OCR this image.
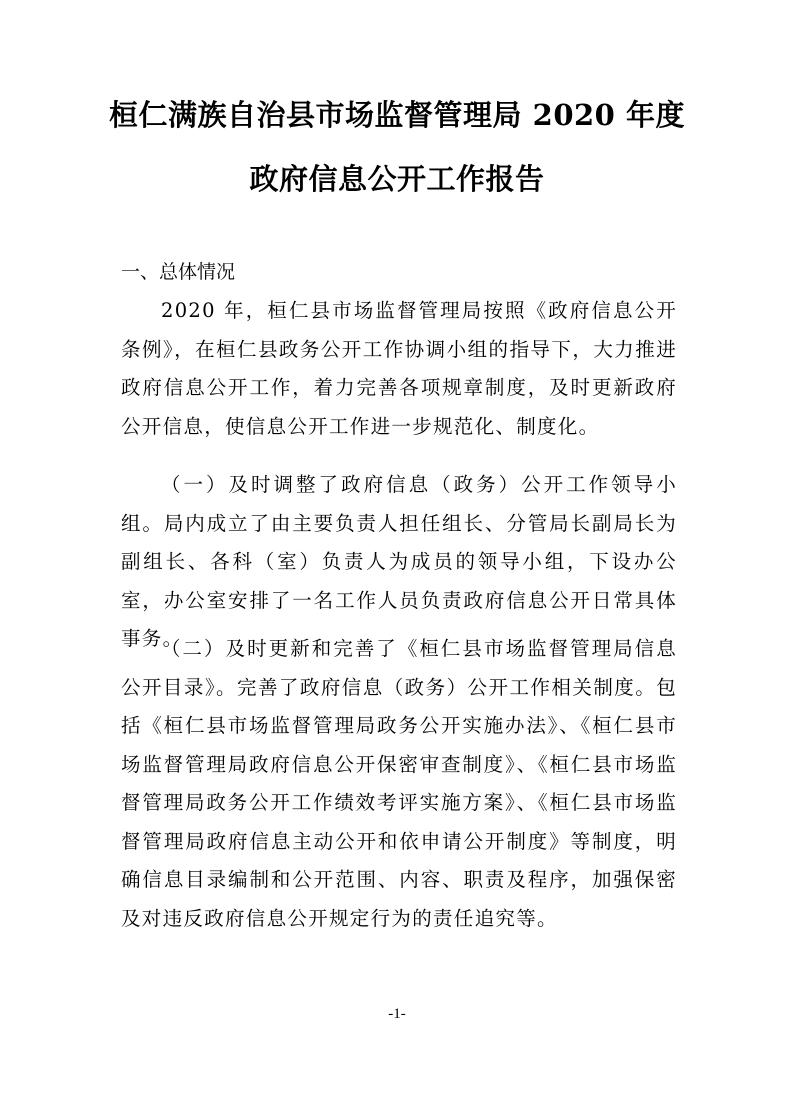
桓仁满族自治县市场监督管理局 2020 年度
政府信息公开工作报告
一、总体情况

2020 年，桓仁县市场监督管理局按照《政府信息公开条例》，在桓仁县政务公开工作协调小组的指导下，大力推进政府信息公开工作，着力完善各项规章制度，及时更新政府公开信息，使信息公开工作进一步规范化、制度化。

（一）及时调整了政府信息（政务）公开工作领导小组。局内成立了由主要负责人担任组长、分管局长副局长为副组长、各科（室）负责人为成员的领导小组，下设办公室，办公室安排了一名工作人员负责政府信息公开日常具体事务。

（二）及时更新和完善了《桓仁县市场监督管理局信息公开目录》。完善了政府信息（政务）公开工作相关制度。包括《桓仁县市场监督管理局政务公开实施办法》、《桓仁县市场监督管理局政府信息公开保密审查制度》、《桓仁县市场监督管理局政务公开工作绩效考评实施方案》、《桓仁县市场监督管理局政府信息主动公开和依申请公开制度》等制度，明确信息目录编制和公开范围、内容、职责及程序，加强保密及对违反政府信息公开规定行为的责任追究等。

-1-
